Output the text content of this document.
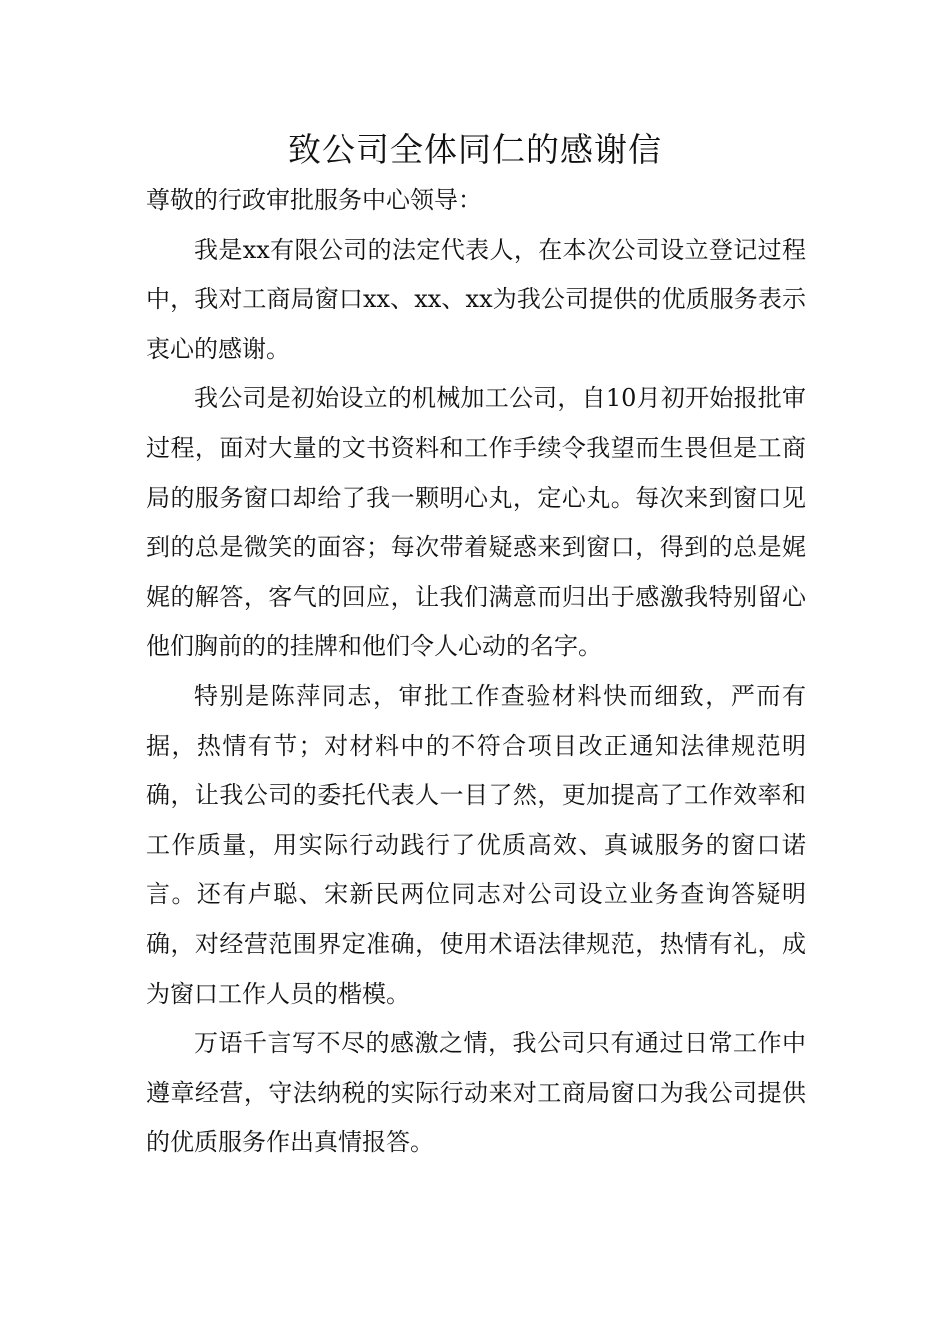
致公司全体同仁的感谢信

尊敬的行政审批服务中心领导：

我是xx有限公司的法定代表人，在本次公司设立登记过程中，我对工商局窗口xx、xx、xx为我公司提供的优质服务表示衷心的感谢。

我公司是初始设立的机械加工公司，自10月初开始报批审过程，面对大量的文书资料和工作手续令我望而生畏但是工商局的服务窗口却给了我一颗明心丸，定心丸。每次来到窗口见到的总是微笑的面容；每次带着疑惑来到窗口，得到的总是娓娓的解答，客气的回应，让我们满意而归出于感激我特别留心他们胸前的的挂牌和他们令人心动的名字。

特别是陈萍同志，审批工作查验材料快而细致，严而有据，热情有节；对材料中的不符合项目改正通知法律规范明确，让我公司的委托代表人一目了然，更加提高了工作效率和工作质量，用实际行动践行了优质高效、真诚服务的窗口诺言。还有卢聪、宋新民两位同志对公司设立业务查询答疑明确，对经营范围界定准确，使用术语法律规范，热情有礼，成为窗口工作人员的楷模。

万语千言写不尽的感激之情，我公司只有通过日常工作中遵章经营，守法纳税的实际行动来对工商局窗口为我公司提供的优质服务作出真情报答。
